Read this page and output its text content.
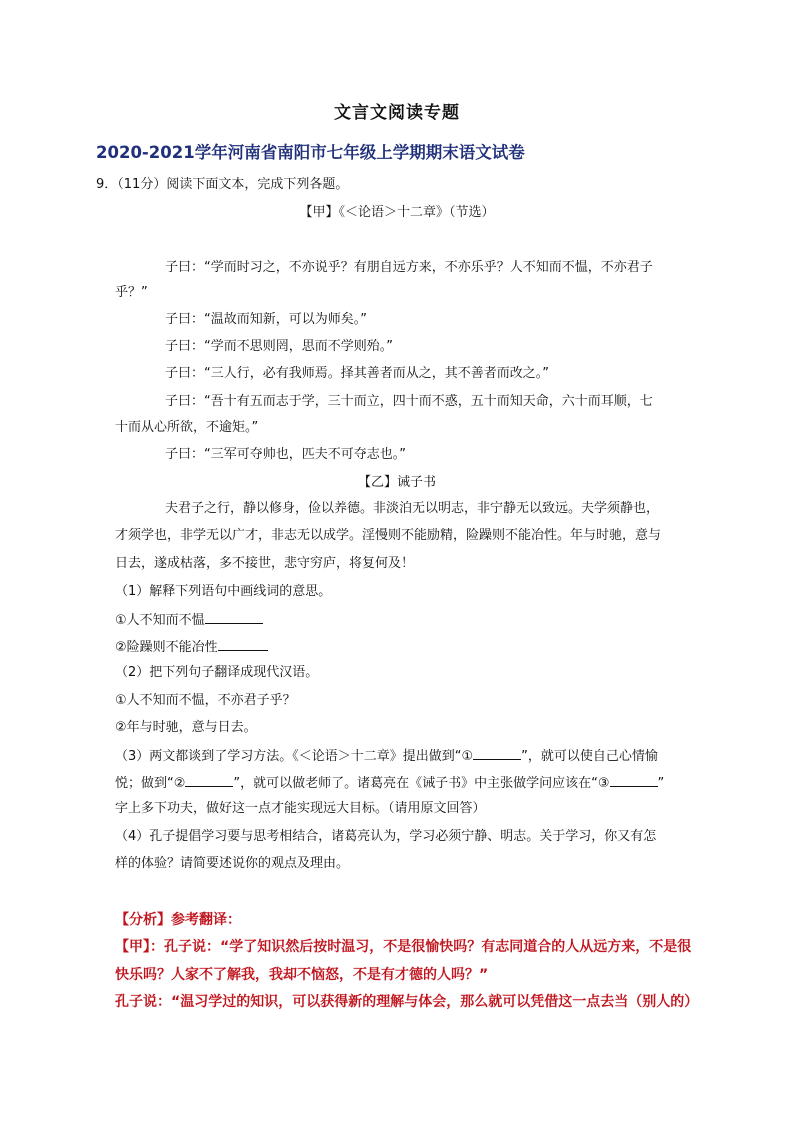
文言文阅读专题
2020-2021学年河南省南阳市七年级上学期期末语文试卷
9．（11分）阅读下面文本，完成下列各题。
【甲】《＜论语＞十二章》（节选）
子曰：“学而时习之，不亦说乎？有朋自远方来，不亦乐乎？人不知而不愠，不亦君子
乎？”
子曰：“温故而知新，可以为师矣。”
子曰：“学而不思则罔，思而不学则殆。”
子曰：“三人行，必有我师焉。择其善者而从之，其不善者而改之。”
子曰：“吾十有五而志于学，三十而立，四十而不惑，五十而知天命，六十而耳顺，七
十而从心所欲，不逾矩。”
子曰：“三军可夺帅也，匹夫不可夺志也。”
【乙】诫子书
夫君子之行，静以修身，俭以养德。非淡泊无以明志，非宁静无以致远。夫学须静也，
才须学也，非学无以广才，非志无以成学。淫慢则不能励精，险躁则不能冶性。年与时驰，意与
日去，遂成枯落，多不接世，悲守穷庐，将复何及！
（1）解释下列语句中画线词的意思。
①人不知而不愠
②险躁则不能冶性
（2）把下列句子翻译成现代汉语。
①人不知而不愠，不亦君子乎？
②年与时驰，意与日去。
（3）两文都谈到了学习方法。《＜论语＞十二章》提出做到“①	”，就可以使自己心情愉
悦；做到“②	”，就可以做老师了。诸葛亮在《诫子书》中主张做学问应该在“③	”
字上多下功夫，做好这一点才能实现远大目标。（请用原文回答）
（4）孔子提倡学习要与思考相结合，诸葛亮认为，学习必须宁静、明志。关于学习，你又有怎
样的体验？请简要述说你的观点及理由。
【分析】参考翻译：
【甲】：孔子说：“学了知识然后按时温习，不是很愉快吗？有志同道合的人从远方来，不是很
快乐吗？人家不了解我，我却不恼怒，不是有才德的人吗？”
孔子说：“温习学过的知识，可以获得新的理解与体会，那么就可以凭借这一点去当（别人的）
